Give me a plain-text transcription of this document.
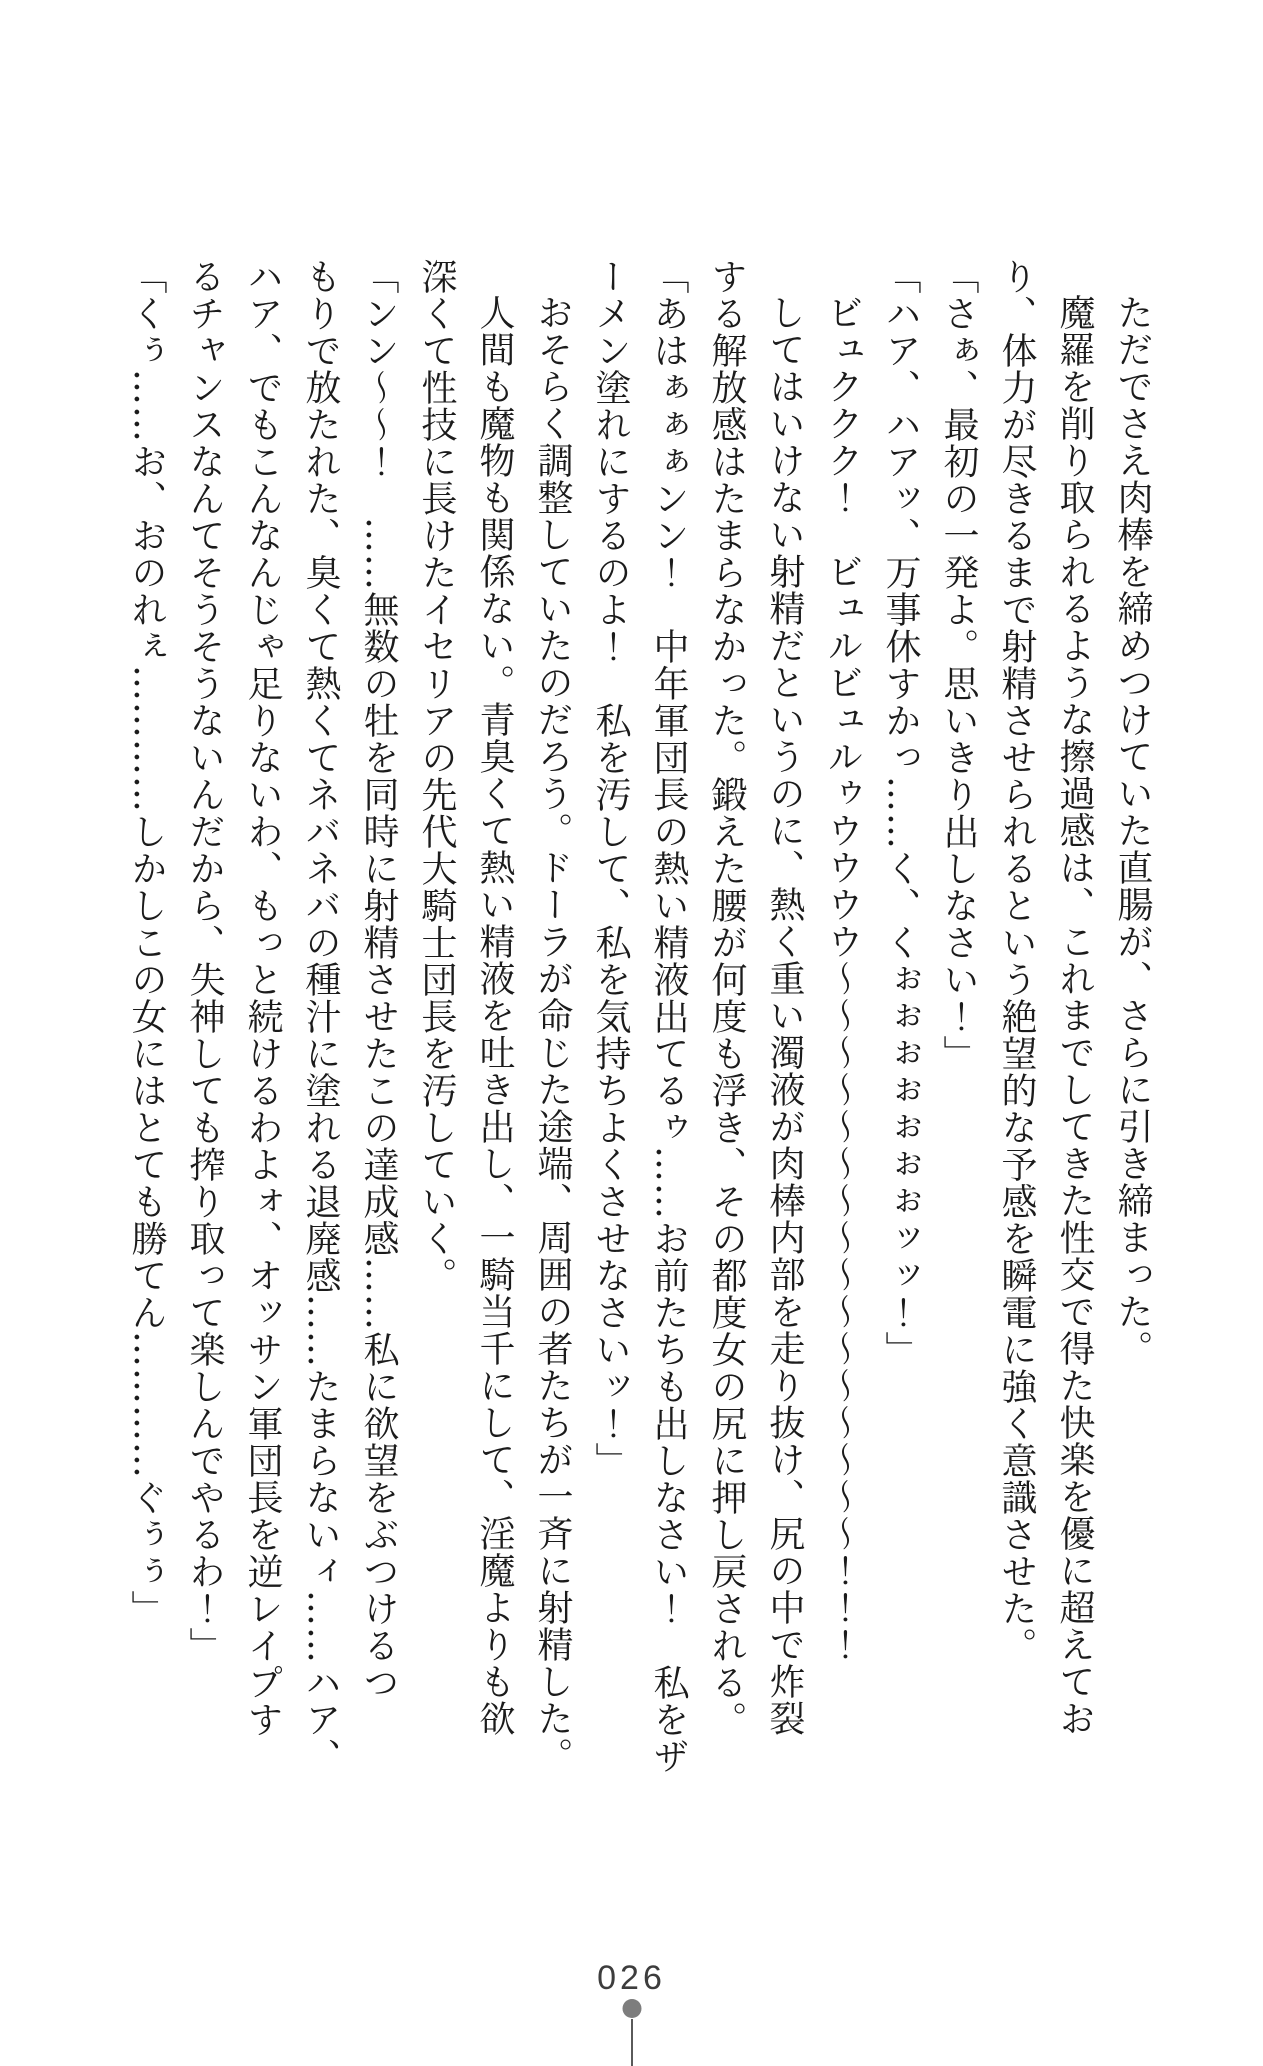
ただでさえ肉棒を締めつけていた直腸が、さらに引き締まった。

魔羅を削り取られるような擦過感は、これまでしてきた性交で得た快楽を優に超えてお

り、体力が尽きるまで射精させられるという絶望的な予感を瞬電に強く意識させた。

「さぁ、最初の一発よ。思いきり出しなさい！」

「ハア、ハアッ、万事休すかっ……く、くぉぉぉぉぉぉぉッッ！」

ビュククク！　ビュルビュルゥウウウウ〜〜〜〜〜〜〜〜〜〜〜〜〜〜〜〜！！！

してはいけない射精だというのに、熱く重い濁液が肉棒内部を走り抜け、尻の中で炸裂

する解放感はたまらなかった。鍛えた腰が何度も浮き、その都度女の尻に押し戻される。

「あはぁぁぁンン！　中年軍団長の熱い精液出てるゥ……お前たちも出しなさい！　私をザ

ーメン塗れにするのよ！　私を汚して、私を気持ちよくさせなさいッ！」

おそらく調整していたのだろう。ドーラが命じた途端、周囲の者たちが一斉に射精した。

人間も魔物も関係ない。青臭くて熱い精液を吐き出し、一騎当千にして、淫魔よりも欲

深くて性技に長けたイセリアの先代大騎士団長を汚していく。

「ンン〜〜！　……無数の牡を同時に射精させたこの達成感……私に欲望をぶつけるつ

もりで放たれた、臭くて熱くてネバネバの種汁に塗れる退廃感……たまらないィ……ハア、

ハア、でもこんなんじゃ足りないわ、もっと続けるわよォ、オッサン軍団長を逆レイプす

るチャンスなんてそうそうないんだから、失神しても搾り取って楽しんでやるわ！」

「くぅ……お、おのれぇ…………しかしこの女にはとても勝てん…………ぐぅぅ」

026
